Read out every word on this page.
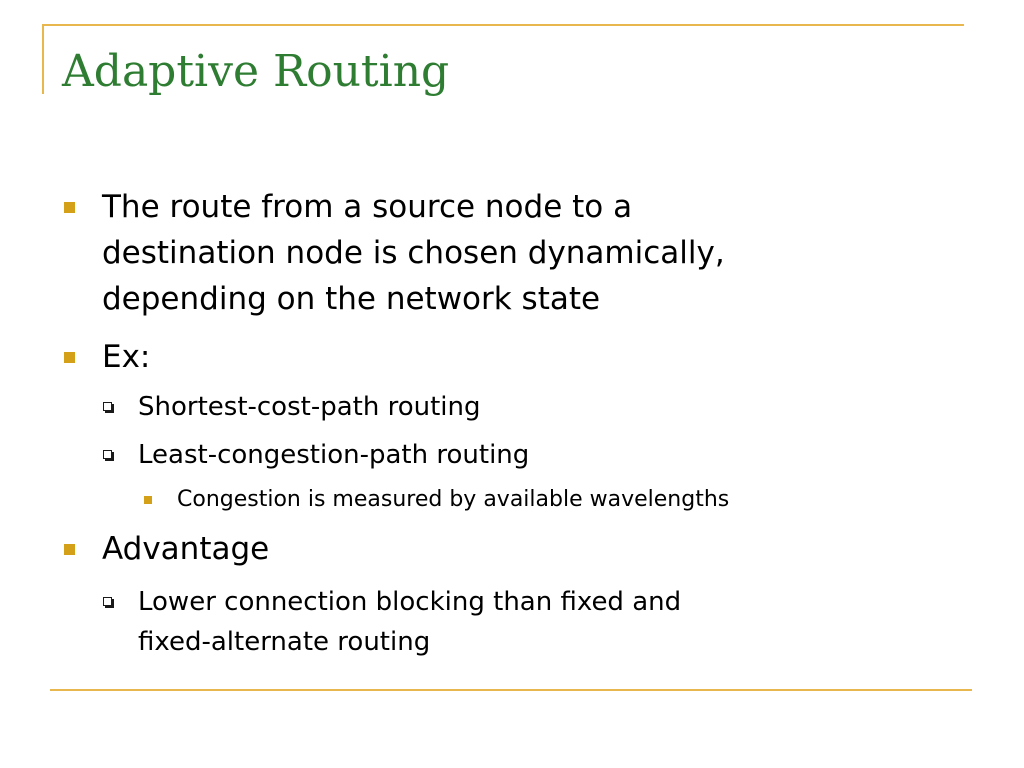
Adaptive Routing
The route from a source node to a
destination node is chosen dynamically,
depending on the network state
Ex:
Shortest-cost-path routing
Least-congestion-path routing
Congestion is measured by available wavelengths
Advantage
Lower connection blocking than fixed and
fixed-alternate routing
